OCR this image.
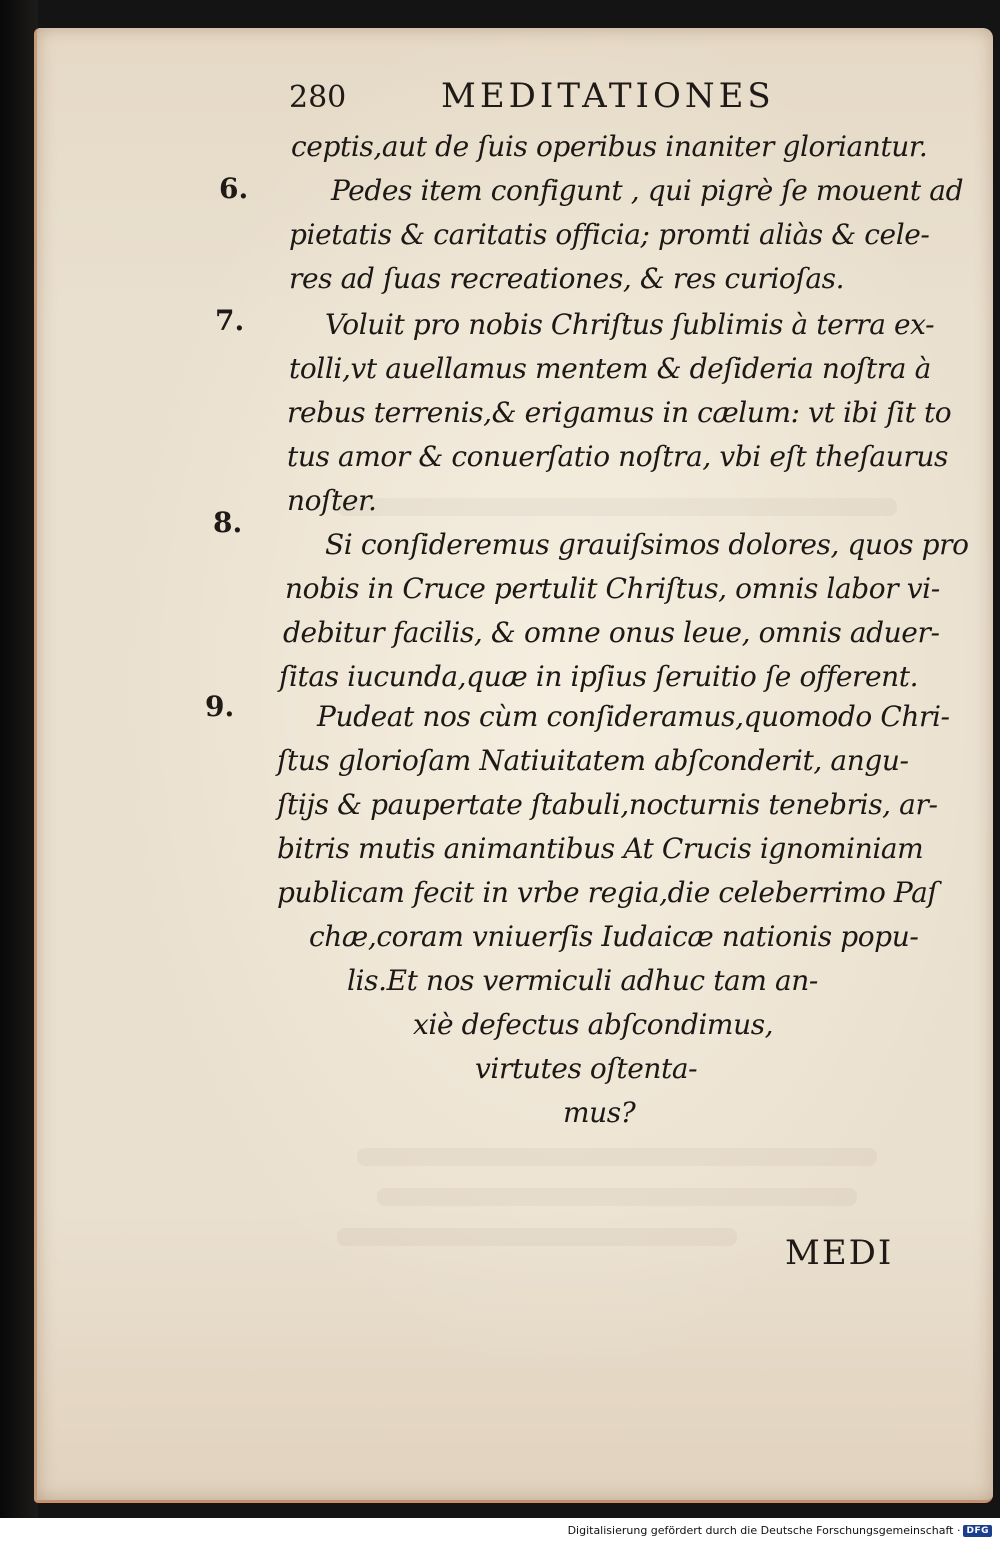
280	MEDITATIONES
ceptis,aut de ſuis operibus inaniter gloriantur.
6.	Pedes item configunt , qui pigrè ſe mouent ad
pietatis & caritatis officia; promti aliàs & cele-
res ad ſuas recreationes, & res curioſas.
7.	Voluit pro nobis Chriſtus ſublimis à terra ex-
tolli,vt auellamus mentem & deſideria noſtra à
rebus terrenis,& erigamus in cælum: vt ibi ſit to
tus amor & conuerſatio noſtra, vbi eſt theſaurus
noſter.
8.
Si conſideremus grauiſsimos dolores, quos pro
nobis in Cruce pertulit Chriſtus, omnis labor vi-
debitur facilis, & omne onus leue, omnis aduer-
ſitas iucunda,quæ in ipſius ſeruitio ſe offerent.
9.	Pudeat nos cùm conſideramus,quomodo Chri-
ſtus glorioſam Natiuitatem abſconderit, angu-
ſtijs & paupertate ſtabuli,nocturnis tenebris, ar-
bitris mutis animantibus At Crucis ignominiam
publicam fecit in vrbe regia,die celeberrimo Paſ
chæ,coram vniuerſis Iudaicæ nationis popu-
lis.Et nos vermiculi adhuc tam an-
xiè defectus abſcondimus,
virtutes oſtenta-
mus?
MEDI
Digitalisierung gefördert durch die Deutsche Forschungsgemeinschaft · DFG
